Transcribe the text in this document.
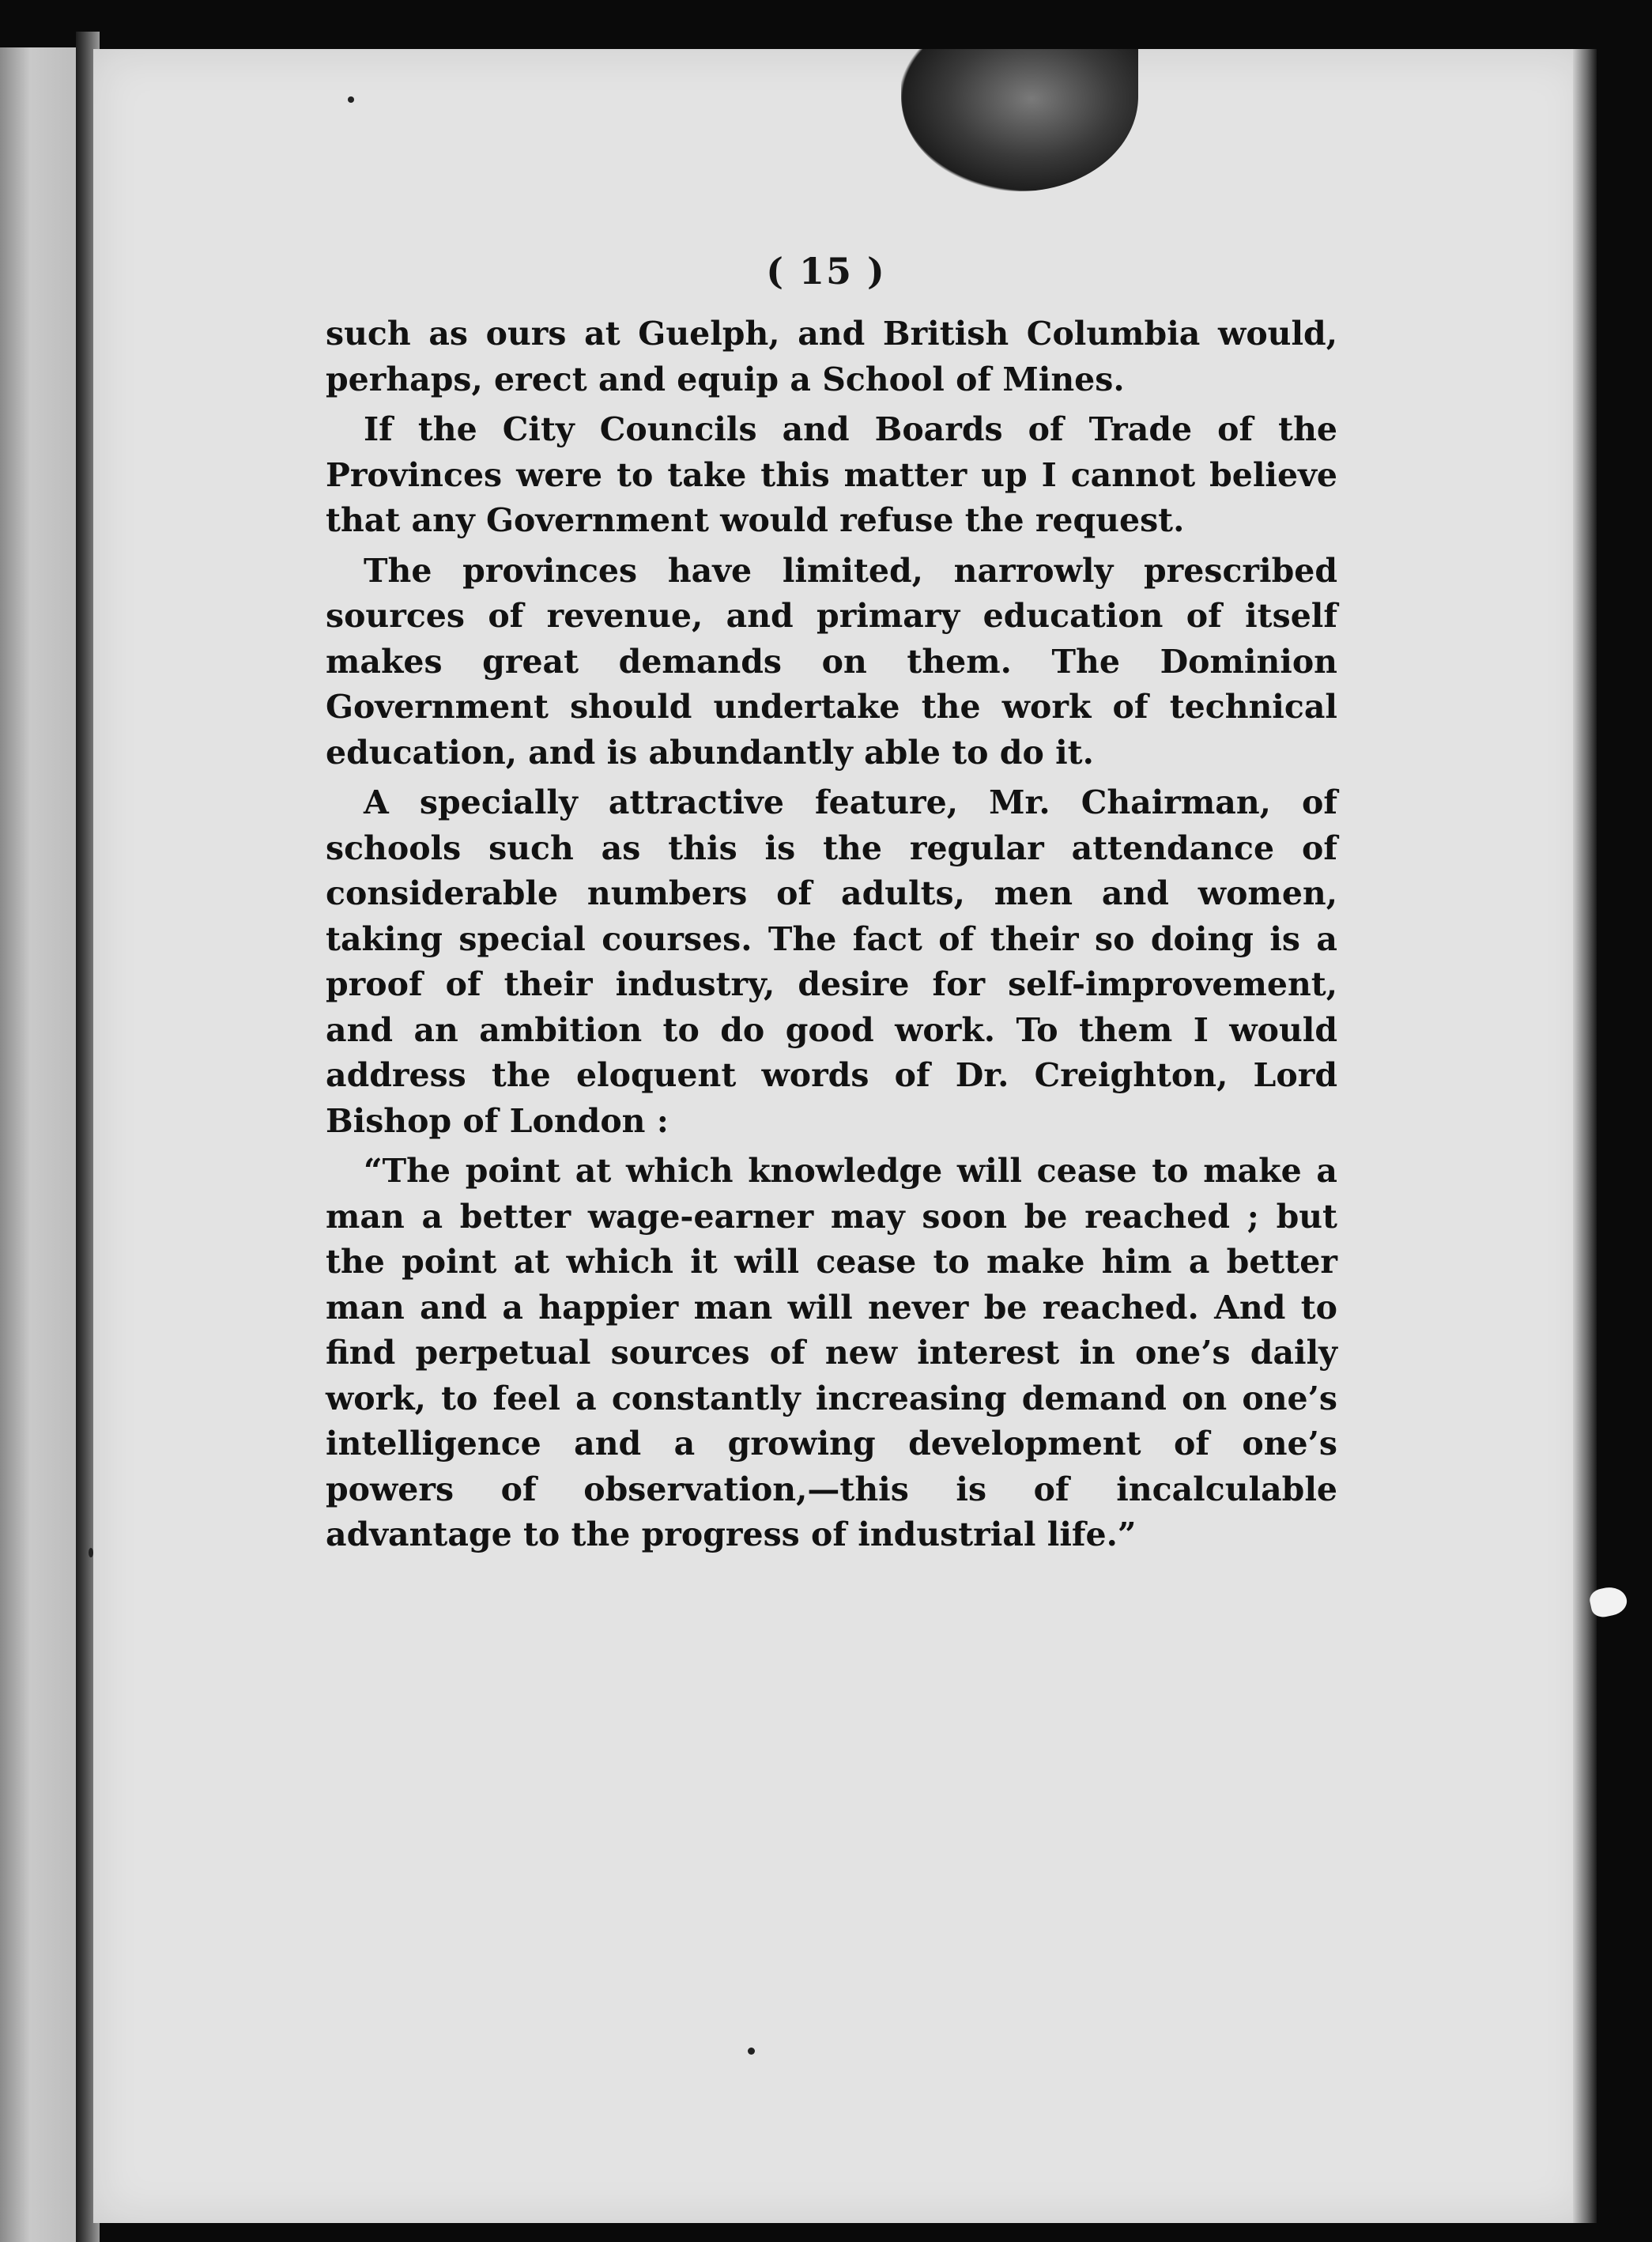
( 15 )

such as ours at Guelph, and British Columbia would, perhaps, erect and equip a School of Mines.

If the City Councils and Boards of Trade of the Provinces were to take this matter up I cannot believe that any Government would refuse the request.

The provinces have limited, narrowly prescribed sources of revenue, and primary education of itself makes great demands on them. The Dominion Government should undertake the work of technical education, and is abundantly able to do it.

A specially attractive feature, Mr. Chairman, of schools such as this is the regular attendance of considerable numbers of adults, men and women, taking special courses. The fact of their so doing is a proof of their industry, desire for self-improvement, and an ambition to do good work. To them I would address the eloquent words of Dr. Creighton, Lord Bishop of London :

“The point at which knowledge will cease to make a man a better wage-earner may soon be reached ; but the point at which it will cease to make him a better man and a happier man will never be reached. And to find perpetual sources of new interest in one’s daily work, to feel a constantly increasing demand on one’s intelligence and a growing development of one’s powers of observation,—this is of incalculable advantage to the progress of industrial life.”
